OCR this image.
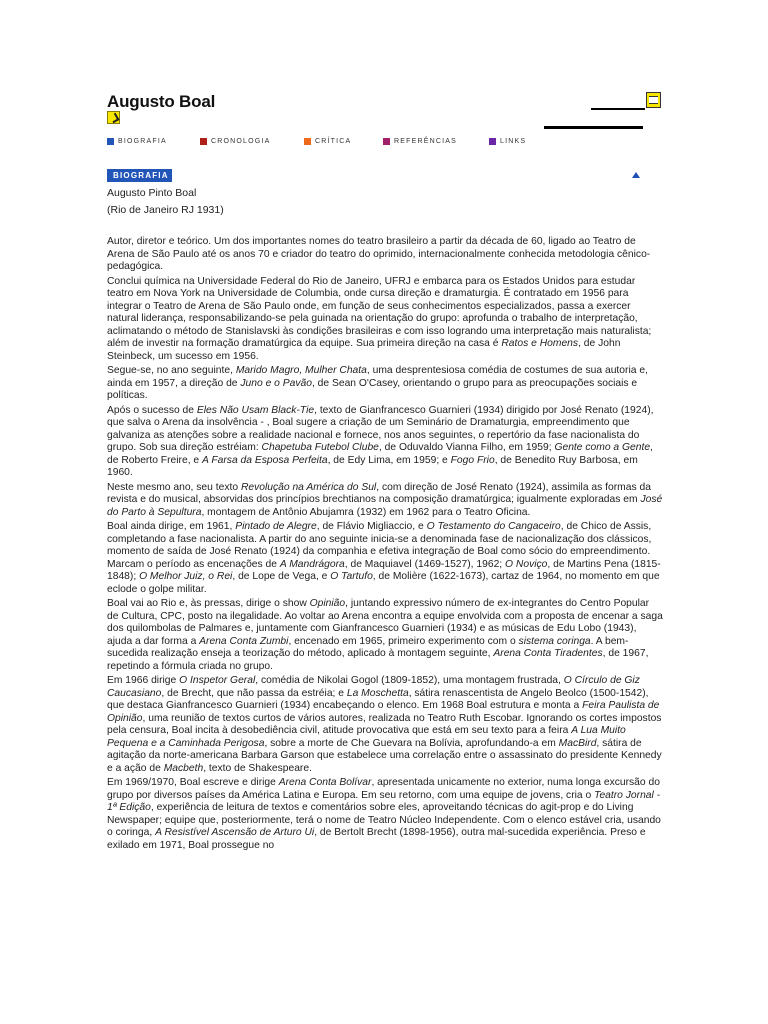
Augusto Boal
BIOGRAFIA	CRONOLOGIA	CRÍTICA	REFERÊNCIAS	LINKS
BIOGRAFIA
Augusto Pinto Boal
(Rio de Janeiro RJ 1931)

Autor, diretor e teórico. Um dos importantes nomes do teatro brasileiro a partir da década de 60, ligado ao Teatro de Arena de São Paulo até os anos 70 e criador do teatro do oprimido, internacionalmente conhecida metodologia cênico-pedagógica.

Conclui química na Universidade Federal do Rio de Janeiro, UFRJ e embarca para os Estados Unidos para estudar teatro em Nova York na Universidade de Columbia, onde cursa direção e dramaturgia. É contratado em 1956 para integrar o Teatro de Arena de São Paulo onde, em função de seus conhecimentos especializados, passa a exercer natural liderança, responsabilizando-se pela guinada na orientação do grupo: aprofunda o trabalho de interpretação, aclimatando o método de Stanislavski às condições brasileiras e com isso logrando uma interpretação mais naturalista; além de investir na formação dramatúrgica da equipe. Sua primeira direção na casa é Ratos e Homens, de John Steinbeck, um sucesso em 1956.

Segue-se, no ano seguinte, Marido Magro, Mulher Chata, uma desprentesiosa comédia de costumes de sua autoria e, ainda em 1957, a direção de Juno e o Pavão, de Sean O'Casey, orientando o grupo para as preocupações sociais e políticas.

Após o sucesso de Eles Não Usam Black-Tie, texto de Gianfrancesco Guarnieri (1934) dirigido por José Renato (1924), que salva o Arena da insolvência - , Boal sugere a criação de um Seminário de Dramaturgia, empreendimento que galvaniza as atenções sobre a realidade nacional e fornece, nos anos seguintes, o repertório da fase nacionalista do grupo. Sob sua direção estréiam: Chapetuba Futebol Clube, de Oduvaldo Vianna Filho, em 1959; Gente como a Gente, de Roberto Freire, e A Farsa da Esposa Perfeita, de Edy Lima, em 1959; e Fogo Frio, de Benedito Ruy Barbosa, em 1960.

Neste mesmo ano, seu texto Revolução na América do Sul, com direção de José Renato (1924), assimila as formas da revista e do musical, absorvidas dos princípios brechtianos na composição dramatúrgica; igualmente exploradas em José do Parto à Sepultura, montagem de Antônio Abujamra (1932) em 1962 para o Teatro Oficina.

Boal ainda dirige, em 1961, Pintado de Alegre, de Flávio Migliaccio, e O Testamento do Cangaceiro, de Chico de Assis, completando a fase nacionalista. A partir do ano seguinte inicia-se a denominada fase de nacionalização dos clássicos, momento de saída de José Renato (1924) da companhia e efetiva integração de Boal como sócio do empreendimento. Marcam o período as encenações de A Mandrágora, de Maquiavel (1469-1527), 1962; O Noviço, de Martins Pena (1815-1848); O Melhor Juiz, o Rei, de Lope de Vega, e O Tartufo, de Molière (1622-1673), cartaz de 1964, no momento em que eclode o golpe militar.

Boal vai ao Rio e, às pressas, dirige o show Opinião, juntando expressivo número de ex-integrantes do Centro Popular de Cultura, CPC, posto na ilegalidade. Ao voltar ao Arena encontra a equipe envolvida com a proposta de encenar a saga dos quilombolas de Palmares e, juntamente com Gianfrancesco Guarnieri (1934) e as músicas de Edu Lobo (1943), ajuda a dar forma a Arena Conta Zumbi, encenado em 1965, primeiro experimento com o sistema coringa. A bem-sucedida realização enseja a teorização do método, aplicado à montagem seguinte, Arena Conta Tiradentes, de 1967, repetindo a fórmula criada no grupo.

Em 1966 dirige O Inspetor Geral, comédia de Nikolai Gogol (1809-1852), uma montagem frustrada, O Círculo de Giz Caucasiano, de Brecht, que não passa da estréia; e La Moschetta, sátira renascentista de Angelo Beolco (1500-1542), que destaca Gianfrancesco Guarnieri (1934) encabeçando o elenco. Em 1968 Boal estrutura e monta a Feira Paulista de Opinião, uma reunião de textos curtos de vários autores, realizada no Teatro Ruth Escobar. Ignorando os cortes impostos pela censura, Boal incita à desobediência civil, atitude provocativa que está em seu texto para a feira A Lua Muito Pequena e a Caminhada Perigosa, sobre a morte de Che Guevara na Bolívia, aprofundando-a em MacBird, sátira de agitação da norte-americana Barbara Garson que estabelece uma correlação entre o assassinato do presidente Kennedy e a ação de Macbeth, texto de Shakespeare.

Em 1969/1970, Boal escreve e dirige Arena Conta Bolívar, apresentada unicamente no exterior, numa longa excursão do grupo por diversos países da América Latina e Europa. Em seu retorno, com uma equipe de jovens, cria o Teatro Jornal - 1ª Edição, experiência de leitura de textos e comentários sobre eles, aproveitando técnicas do agit-prop e do Living Newspaper; equipe que, posteriormente, terá o nome de Teatro Núcleo Independente. Com o elenco estável cria, usando o coringa, A Resistível Ascensão de Arturo Ui, de Bertolt Brecht (1898-1956), outra mal-sucedida experiência. Preso e exilado em 1971, Boal prossegue no
